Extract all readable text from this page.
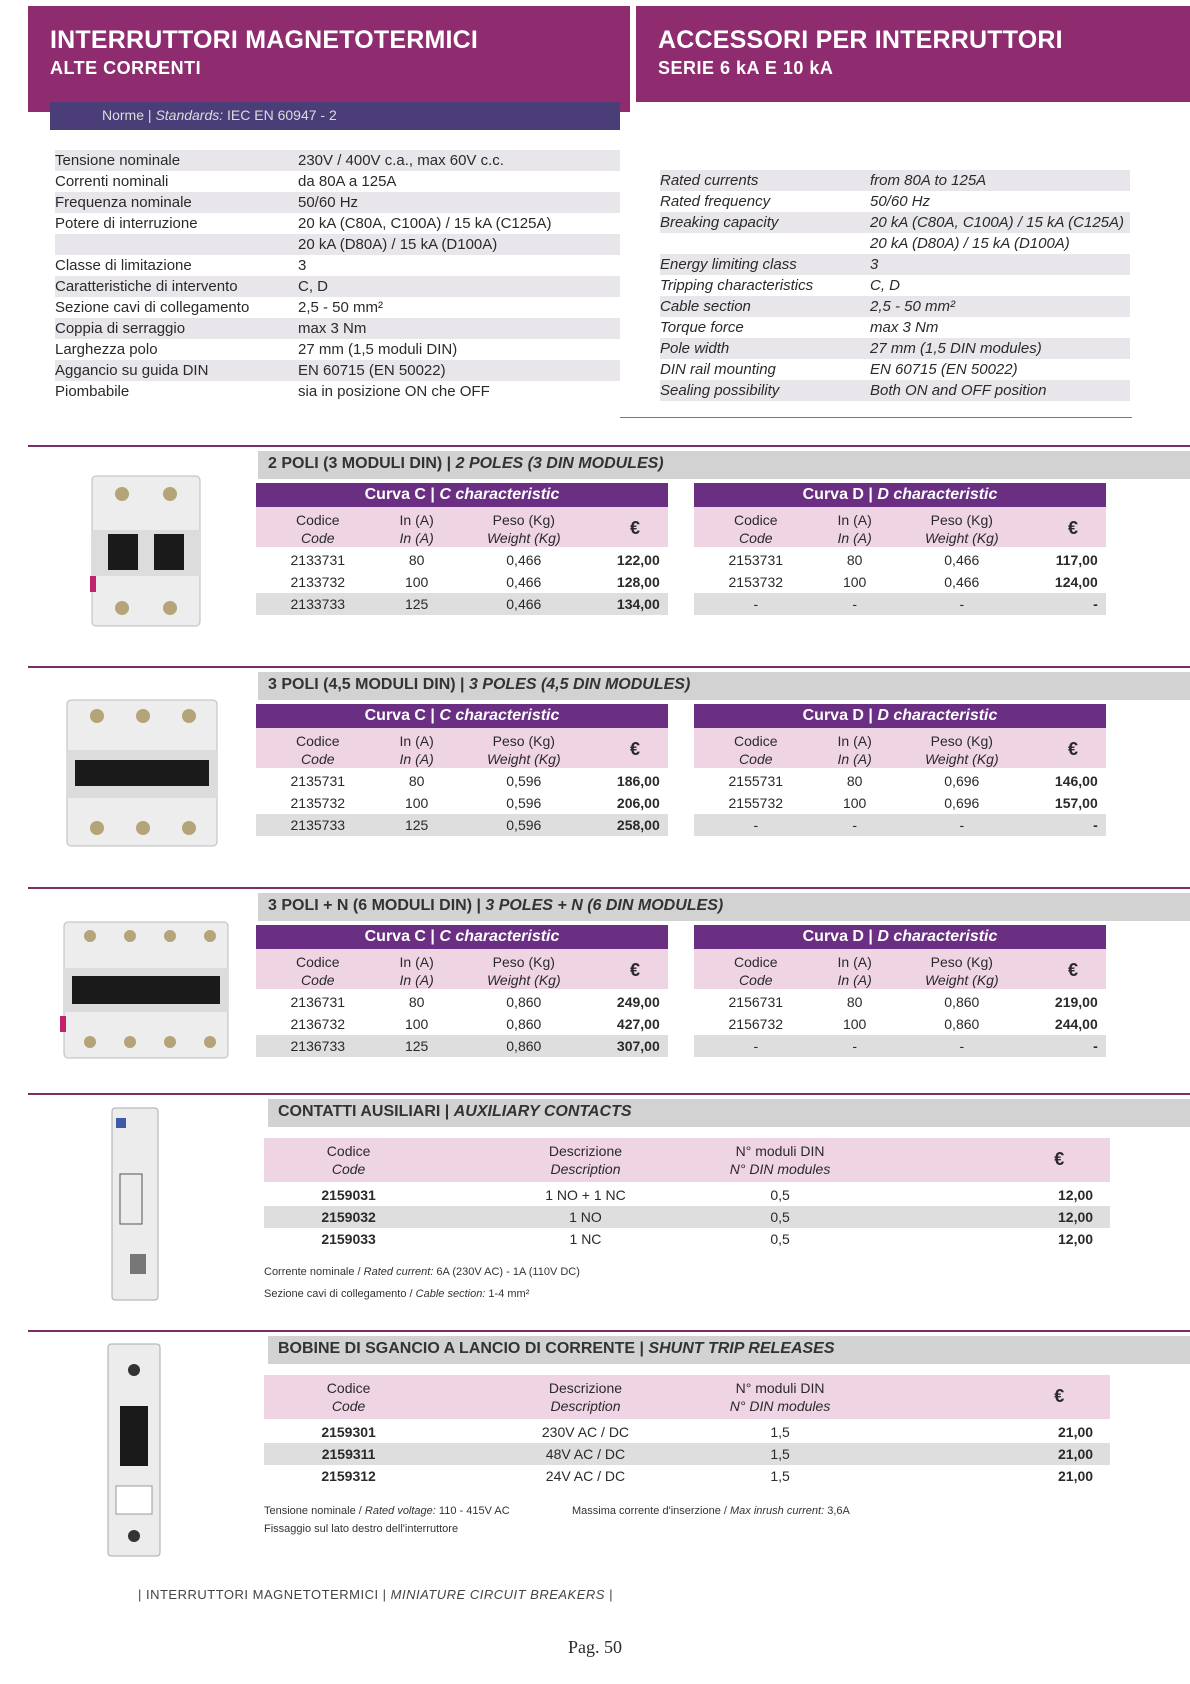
INTERRUTTORI MAGNETOTERMICI
ALTE CORRENTI
ACCESSORI PER INTERRUTTORI
SERIE 6 kA E 10 kA
Norme | Standards: IEC EN 60947 - 2
Tensione nominale	230V / 400V c.a., max 60V c.c.
Correnti nominali	da 80A a 125A
Frequenza nominale	50/60 Hz
Potere di interruzione	20 kA (C80A, C100A) / 15 kA (C125A)
20 kA (D80A) / 15 kA (D100A)
Classe di limitazione	3
Caratteristiche di intervento	C, D
Sezione cavi di collegamento	2,5 - 50 mm²
Coppia di serraggio	max 3 Nm
Larghezza polo	27 mm (1,5 moduli DIN)
Aggancio su guida DIN	EN 60715 (EN 50022)
Piombabile	sia in posizione ON che OFF
Rated currents	from 80A to 125A
Rated frequency	50/60 Hz
Breaking capacity	20 kA (C80A, C100A) / 15 kA (C125A)
20 kA (D80A) / 15 kA (D100A)
Energy limiting class	3
Tripping characteristics	C, D
Cable section	2,5 - 50 mm²
Torque force	max 3 Nm
Pole width	27 mm (1,5 DIN modules)
DIN rail mounting	EN 60715 (EN 50022)
Sealing possibility	Both ON and OFF position
2 POLI (3 MODULI DIN) | 2 POLES (3 DIN MODULES)
Curva C | C characteristic
Codice
Code
In (A)
In (A)
Peso (Kg)
Weight (Kg)	€
2133731	80	0,466	122,00
2133732	100	0,466	128,00
2133733	125	0,466	134,00
Curva D | D characteristic
Codice
Code
In (A)
In (A)
Peso (Kg)
Weight (Kg)	€
2153731	80	0,466	117,00
2153732	100	0,466	124,00
-	-	-	-
3 POLI (4,5 MODULI DIN) | 3 POLES (4,5 DIN MODULES)
Curva C | C characteristic
Codice
Code
In (A)
In (A)
Peso (Kg)
Weight (Kg)	€
2135731	80	0,596	186,00
2135732	100	0,596	206,00
2135733	125	0,596	258,00
Curva D | D characteristic
Codice
Code
In (A)
In (A)
Peso (Kg)
Weight (Kg)	€
2155731	80	0,696	146,00
2155732	100	0,696	157,00
-	-	-	-
3 POLI + N (6 MODULI DIN) | 3 POLES + N (6 DIN MODULES)
Curva C | C characteristic
Codice
Code
In (A)
In (A)
Peso (Kg)
Weight (Kg)	€
2136731	80	0,860	249,00
2136732	100	0,860	427,00
2136733	125	0,860	307,00
Curva D | D characteristic
Codice
Code
In (A)
In (A)
Peso (Kg)
Weight (Kg)	€
2156731	80	0,860	219,00
2156732	100	0,860	244,00
-	-	-	-
CONTATTI AUSILIARI | AUXILIARY CONTACTS
Codice
Code
Descrizione
Description
N° moduli DIN
N° DIN modules	€
2159031	1 NO + 1 NC	0,5	12,00
2159032	1 NO	0,5	12,00
2159033	1 NC	0,5	12,00
Corrente nominale / Rated current: 6A (230V AC) - 1A (110V DC)
Sezione cavi di collegamento / Cable section: 1-4 mm²
BOBINE DI SGANCIO A LANCIO DI CORRENTE | SHUNT TRIP RELEASES
Codice
Code
Descrizione
Description
N° moduli DIN
N° DIN modules	€
2159301	230V AC / DC	1,5	21,00
2159311	48V AC / DC	1,5	21,00
2159312	24V AC / DC	1,5	21,00
Tensione nominale / Rated voltage: 110 - 415V AC
Fissaggio sul lato destro dell'interruttore
Massima corrente d'inserzione / Max inrush current: 3,6A
| INTERRUTTORI MAGNETOTERMICI | MINIATURE CIRCUIT BREAKERS |
Pag. 50
